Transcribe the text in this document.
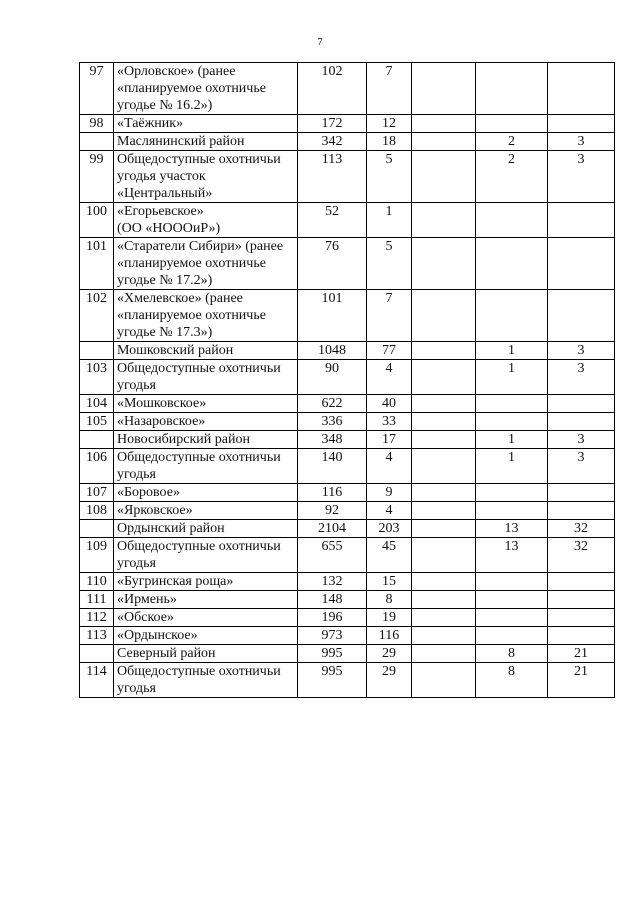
7
97	«Орловское» (ранее
«планируемое охотничье
угодье № 16.2»)	102	7			
98	«Таёжник»	172	12			

	Маслянинский район	342	18		2	3
99	Общедоступные охотничьи
угодья участок
«Центральный»	113	5		2	3
100	«Егорьевское»
(ОО «НОООиР»)	52	1			
101	«Старатели Сибири» (ранее
«планируемое охотничье
угодье № 17.2»)	76	5			
102	«Хмелевское» (ранее
«планируемое охотничье
угодье № 17.3»)	101	7			

	Мошковский район	1048	77		1	3
103	Общедоступные охотничьи
угодья	90	4		1	3
104	«Мошковское»	622	40			
105	«Назаровское»	336	33			

	Новосибирский район	348	17		1	3
106	Общедоступные охотничьи
угодья	140	4		1	3
107	«Боровое»	116	9			
108	«Ярковское»	92	4			

	Ордынский район	2104	203		13	32
109	Общедоступные охотничьи
угодья	655	45		13	32
110	«Бугринская роща»	132	15			
111	«Ирмень»	148	8			
112	«Обское»	196	19			
113	«Ордынское»	973	116			

	Северный район	995	29		8	21
114	Общедоступные охотничьи
угодья	995	29		8	21
